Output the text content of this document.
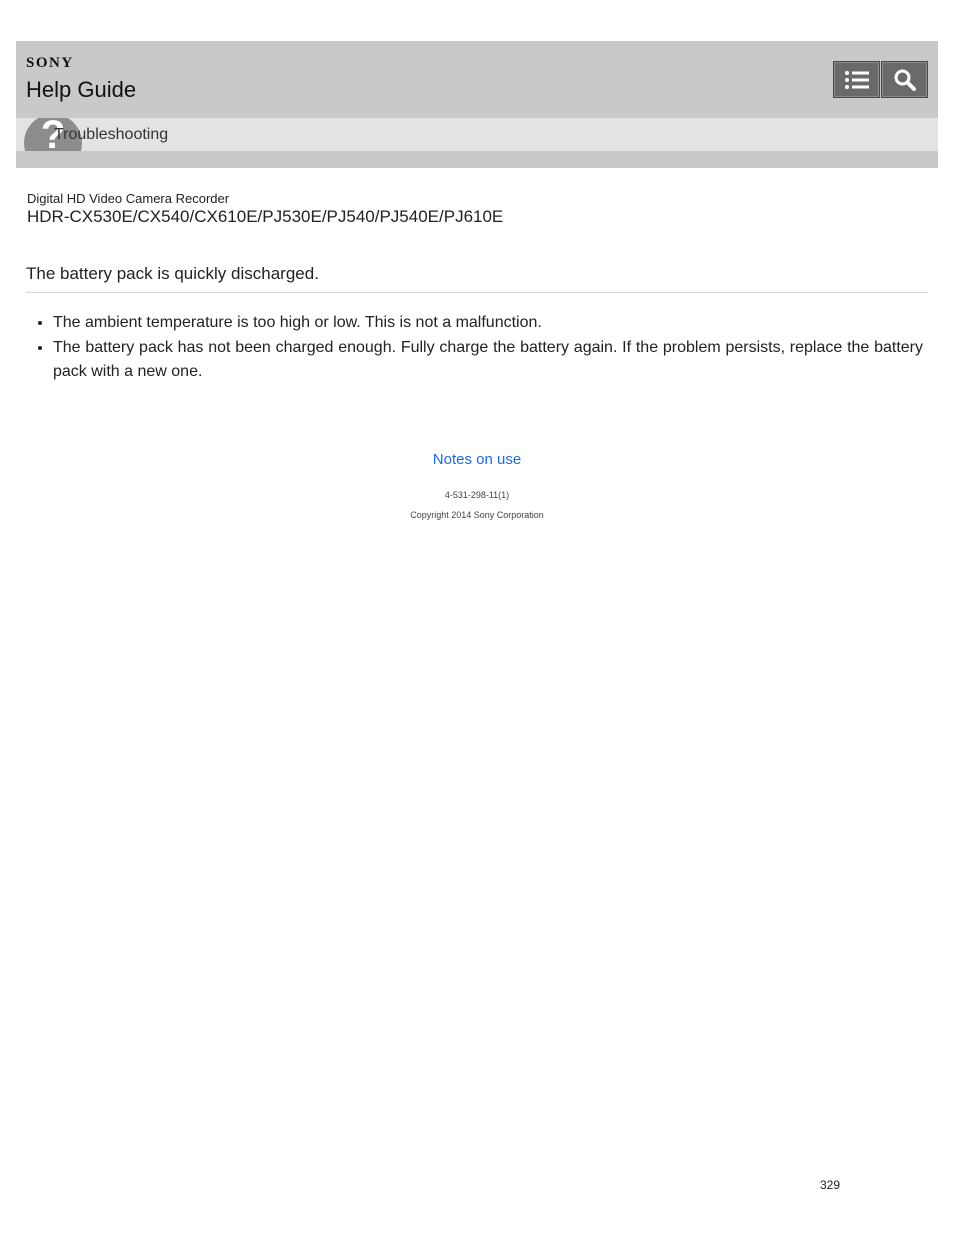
SONY
Help Guide
?
Troubleshooting
Digital HD Video Camera Recorder
HDR-CX530E/CX540/CX610E/PJ530E/PJ540/PJ540E/PJ610E
The battery pack is quickly discharged.
• The ambient temperature is too high or low. This is not a malfunction.
• The battery pack has not been charged enough. Fully charge the battery again. If the problem persists, replace the battery pack with a new one.
Notes on use
4-531-298-11(1)
Copyright 2014 Sony Corporation
329
